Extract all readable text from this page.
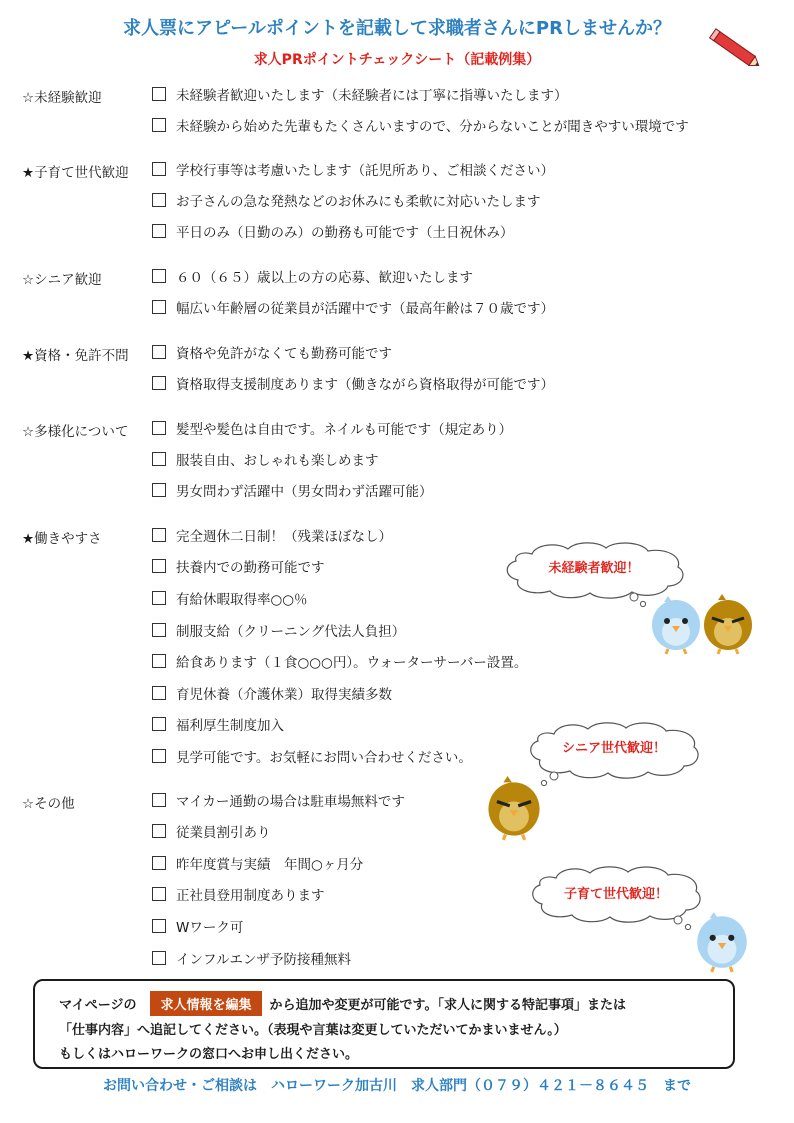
求人票にアピールポイントを記載して求職者さんにPRしませんか？
求人PRポイントチェックシート（記載例集）
☆未経験歓迎	未経験者歓迎いたします（未経験者には丁寧に指導いたします）
未経験から始めた先輩もたくさんいますので、分からないことが聞きやすい環境です
★子育て世代歓迎	学校行事等は考慮いたします（託児所あり、ご相談ください）
お子さんの急な発熱などのお休みにも柔軟に対応いたします
平日のみ（日勤のみ）の勤務も可能です（土日祝休み）
☆シニア歓迎	６０（６５）歳以上の方の応募、歓迎いたします
幅広い年齢層の従業員が活躍中です（最高年齢は７０歳です）
★資格・免許不問	資格や免許がなくても勤務可能です
資格取得支援制度あります（働きながら資格取得が可能です）
☆多様化について	髪型や髪色は自由です。ネイルも可能です（規定あり）
服装自由、おしゃれも楽しめます
男女問わず活躍中（男女問わず活躍可能）
★働きやすさ	完全週休二日制！（残業ほぼなし）
扶養内での勤務可能です
有給休暇取得率○○％
制服支給（クリーニング代法人負担）
給食あります（１食○○○円）。ウォーターサーバー設置。
育児休養（介護休業）取得実績多数
福利厚生制度加入
見学可能です。お気軽にお問い合わせください。
☆その他	マイカー通勤の場合は駐車場無料です
従業員割引あり
昨年度賞与実績　年間○ヶ月分
正社員登用制度あります
Wワーク可
インフルエンザ予防接種無料
未経験者歓迎！
シニア世代歓迎！
子育て世代歓迎！
マイページの 求人情報を編集 から追加や変更が可能です。「求人に関する特記事項」または
「仕事内容」へ追記してください。（表現や言葉は変更していただいてかまいません。）
もしくはハローワークの窓口へお申し出ください。
お問い合わせ・ご相談は　ハローワーク加古川　求人部門（０７９）４２１－８６４５　まで
